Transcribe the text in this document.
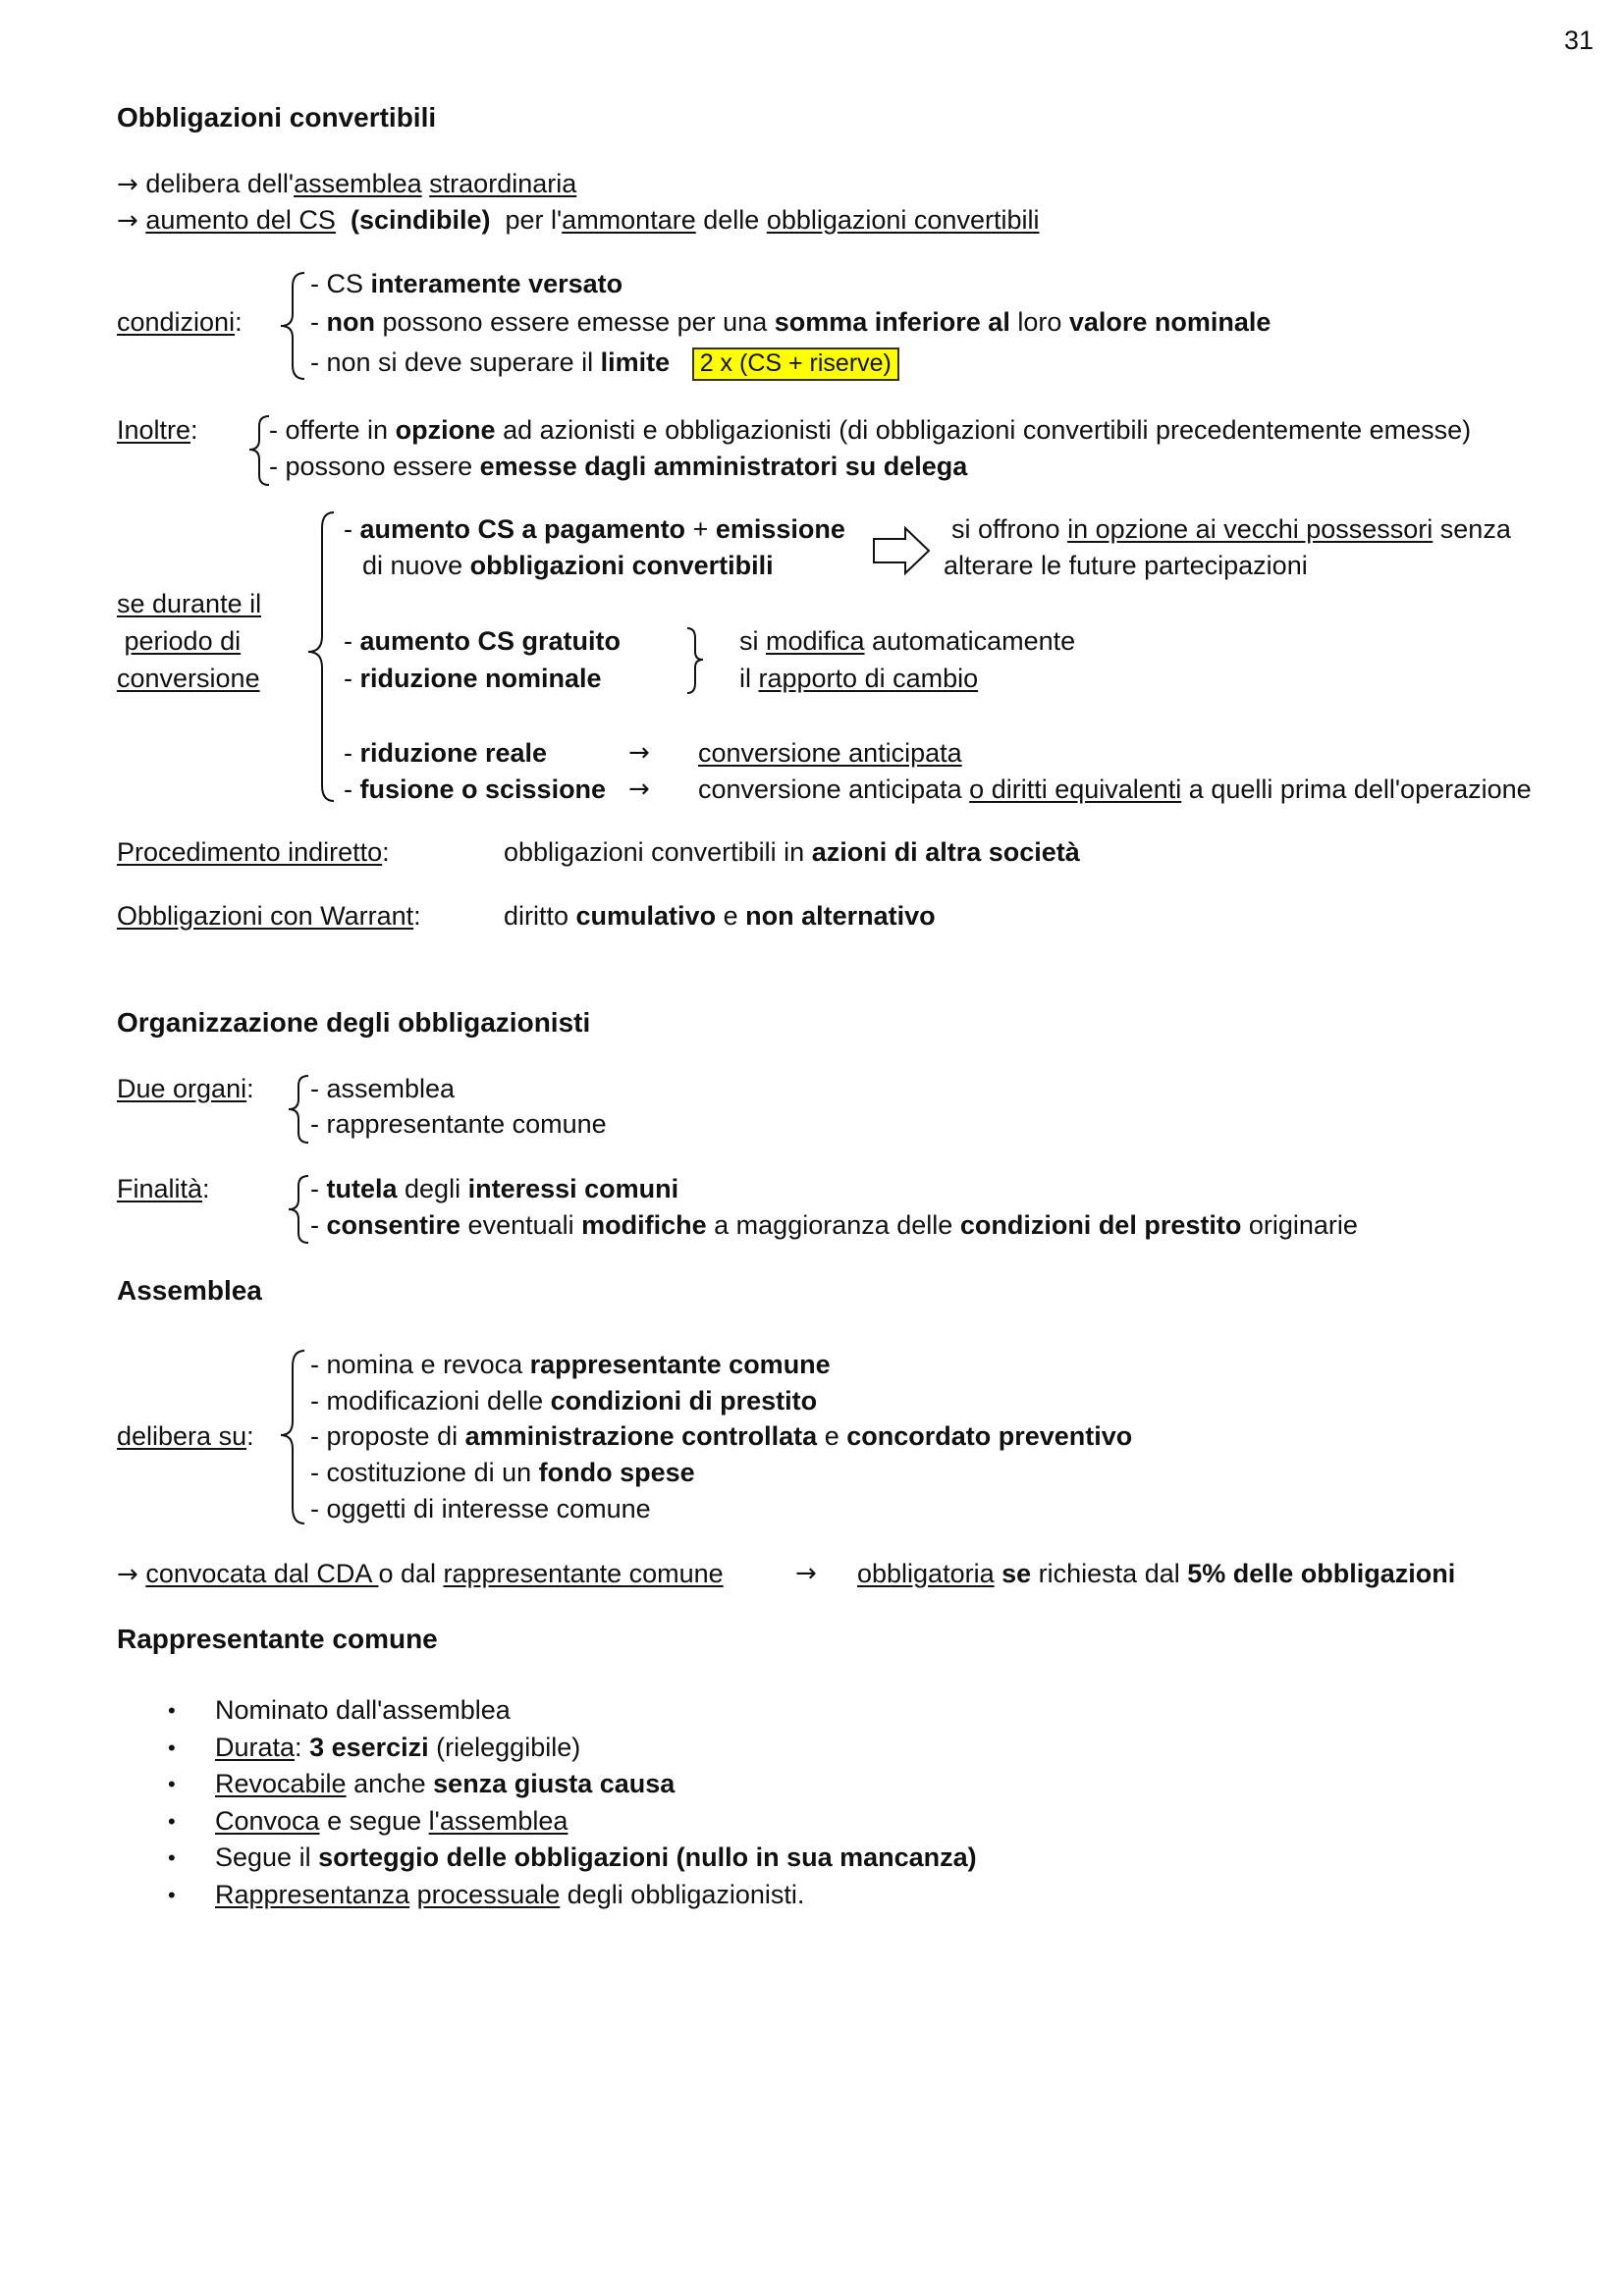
31
Obbligazioni convertibili
→ delibera dell'assemblea straordinaria
→ aumento del CS (scindibile) per l'ammontare delle obbligazioni convertibili
condizioni:
- CS interamente versato
- non possono essere emesse per una somma inferiore al loro valore nominale
- non si deve superare il limite 2 x (CS + riserve)
Inoltre:	- offerte in opzione ad azionisti e obbligazionisti (di obbligazioni convertibili precedentemente emesse)
- possono essere emesse dagli amministratori su delega
se durante il
periodo di
conversione
- aumento CS a pagamento + emissione
di nuove obbligazioni convertibili
si offrono in opzione ai vecchi possessori senza
alterare le future partecipazioni
- aumento CS gratuito
- riduzione nominale
si modifica automaticamente
il rapporto di cambio
- riduzione reale	→ conversione anticipata
- fusione o scissione → conversione anticipata o diritti equivalenti a quelli prima dell'operazione
Procedimento indiretto:	obbligazioni convertibili in azioni di altra società
Obbligazioni con Warrant:	diritto cumulativo e non alternativo
Organizzazione degli obbligazionisti
Due organi: - assemblea
- rappresentante comune
Finalità:	- tutela degli interessi comuni
- consentire eventuali modifiche a maggioranza delle condizioni del prestito originarie
Assemblea
delibera su:
- nomina e revoca rappresentante comune
- modificazioni delle condizioni di prestito
- proposte di amministrazione controllata e concordato preventivo
- costituzione di un fondo spese
- oggetti di interesse comune
→ convocata dal CDA o dal rappresentante comune	→ obbligatoria se richiesta dal 5% delle obbligazioni
Rappresentante comune
• Nominato dall'assemblea
• Durata: 3 esercizi (rieleggibile)
• Revocabile anche senza giusta causa
• Convoca e segue l'assemblea
• Segue il sorteggio delle obbligazioni (nullo in sua mancanza)
• Rappresentanza processuale degli obbligazionisti.
